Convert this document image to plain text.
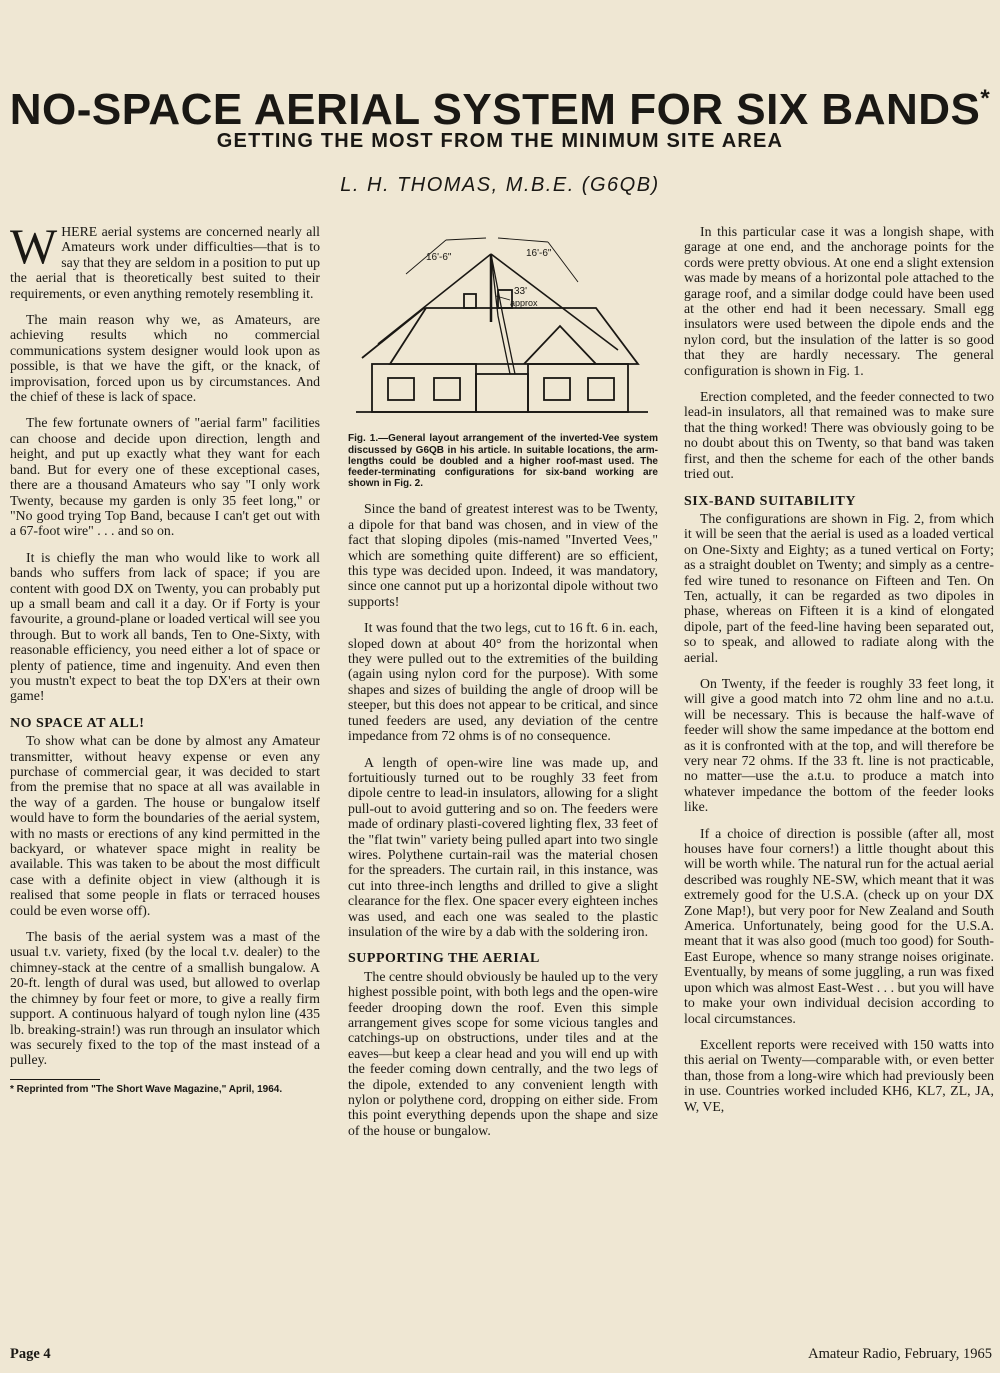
NO-SPACE AERIAL SYSTEM FOR SIX BANDS*
GETTING THE MOST FROM THE MINIMUM SITE AREA
L. H. THOMAS, M.B.E. (G6QB)

WHERE aerial systems are concerned nearly all Amateurs work under difficulties—that is to say that they are seldom in a position to put up the aerial that is theoretically best suited to their requirements, or even anything remotely resembling it.

The main reason why we, as Amateurs, are achieving results which no commercial communications system designer would look upon as possible, is that we have the gift, or the knack, of improvisation, forced upon us by circumstances. And the chief of these is lack of space.

The few fortunate owners of "aerial farm" facilities can choose and decide upon direction, length and height, and put up exactly what they want for each band. But for every one of these exceptional cases, there are a thousand Amateurs who say "I only work Twenty, because my garden is only 35 feet long," or "No good trying Top Band, because I can't get out with a 67-foot wire" . . . and so on.

It is chiefly the man who would like to work all bands who suffers from lack of space; if you are content with good DX on Twenty, you can probably put up a small beam and call it a day. Or if Forty is your favourite, a ground-plane or loaded vertical will see you through. But to work all bands, Ten to One-Sixty, with reasonable efficiency, you need either a lot of space or plenty of patience, time and ingenuity. And even then you mustn't expect to beat the top DX'ers at their own game!

NO SPACE AT ALL!

To show what can be done by almost any Amateur transmitter, without heavy expense or even any purchase of commercial gear, it was decided to start from the premise that no space at all was available in the way of a garden. The house or bungalow itself would have to form the boundaries of the aerial system, with no masts or erections of any kind permitted in the backyard, or whatever space might in reality be available. This was taken to be about the most difficult case with a definite object in view (although it is realised that some people in flats or terraced houses could be even worse off).

The basis of the aerial system was a mast of the usual t.v. variety, fixed (by the local t.v. dealer) to the chimney-stack at the centre of a smallish bungalow. A 20-ft. length of dural was used, but allowed to overlap the chimney by four feet or more, to give a really firm support. A continuous halyard of tough nylon line (435 lb. breaking-strain!) was run through an insulator which was securely fixed to the top of the mast instead of a pulley.

* Reprinted from "The Short Wave Magazine," April, 1964.
16'-6"	16'-6"
33'
approx
Fig. 1.—General layout arrangement of the inverted-Vee system discussed by G6QB in his article. In suitable locations, the arm-lengths could be doubled and a higher roof-mast used. The feeder-terminating configurations for six-band working are shown in Fig. 2.

Since the band of greatest interest was to be Twenty, a dipole for that band was chosen, and in view of the fact that sloping dipoles (mis-named "Inverted Vees," which are something quite different) are so efficient, this type was decided upon. Indeed, it was mandatory, since one cannot put up a horizontal dipole without two supports!

It was found that the two legs, cut to 16 ft. 6 in. each, sloped down at about 40° from the horizontal when they were pulled out to the extremities of the building (again using nylon cord for the purpose). With some shapes and sizes of building the angle of droop will be steeper, but this does not appear to be critical, and since tuned feeders are used, any deviation of the centre impedance from 72 ohms is of no consequence.

A length of open-wire line was made up, and fortuitiously turned out to be roughly 33 feet from dipole centre to lead-in insulators, allowing for a slight pull-out to avoid guttering and so on. The feeders were made of ordinary plasti-covered lighting flex, 33 feet of the "flat twin" variety being pulled apart into two single wires. Polythene curtain-rail was the material chosen for the spreaders. The curtain rail, in this instance, was cut into three-inch lengths and drilled to give a slight clearance for the flex. One spacer every eighteen inches was used, and each one was sealed to the plastic insulation of the wire by a dab with the soldering iron.

SUPPORTING THE AERIAL

The centre should obviously be hauled up to the very highest possible point, with both legs and the open-wire feeder drooping down the roof. Even this simple arrangement gives scope for some vicious tangles and catchings-up on obstructions, under tiles and at the eaves—but keep a clear head and you will end up with the feeder coming down centrally, and the two legs of the dipole, extended to any convenient length with nylon or polythene cord, dropping on either side. From this point everything depends upon the shape and size of the house or bungalow.

In this particular case it was a longish shape, with garage at one end, and the anchorage points for the cords were pretty obvious. At one end a slight extension was made by means of a horizontal pole attached to the garage roof, and a similar dodge could have been used at the other end had it been necessary. Small egg insulators were used between the dipole ends and the nylon cord, but the insulation of the latter is so good that they are hardly necessary. The general configuration is shown in Fig. 1.

Erection completed, and the feeder connected to two lead-in insulators, all that remained was to make sure that the thing worked! There was obviously going to be no doubt about this on Twenty, so that band was taken first, and then the scheme for each of the other bands tried out.

SIX-BAND SUITABILITY

The configurations are shown in Fig. 2, from which it will be seen that the aerial is used as a loaded vertical on One-Sixty and Eighty; as a tuned vertical on Forty; as a straight doublet on Twenty; and simply as a centre-fed wire tuned to resonance on Fifteen and Ten. On Ten, actually, it can be regarded as two dipoles in phase, whereas on Fifteen it is a kind of elongated dipole, part of the feed-line having been separated out, so to speak, and allowed to radiate along with the aerial.

On Twenty, if the feeder is roughly 33 feet long, it will give a good match into 72 ohm line and no a.t.u. will be necessary. This is because the half-wave of feeder will show the same impedance at the bottom end as it is confronted with at the top, and will therefore be very near 72 ohms. If the 33 ft. line is not practicable, no matter—use the a.t.u. to produce a match into whatever impedance the bottom of the feeder looks like.

If a choice of direction is possible (after all, most houses have four corners!) a little thought about this will be worth while. The natural run for the actual aerial described was roughly NE-SW, which meant that it was extremely good for the U.S.A. (check up on your DX Zone Map!), but very poor for New Zealand and South America. Unfortunately, being good for the U.S.A. meant that it was also good (much too good) for South-East Europe, whence so many strange noises originate. Eventually, by means of some juggling, a run was fixed upon which was almost East-West . . . but you will have to make your own individual decision according to local circumstances.

Excellent reports were received with 150 watts into this aerial on Twenty—comparable with, or even better than, those from a long-wire which had previously been in use. Countries worked included KH6, KL7, ZL, JA, W, VE,

Page 4	Amateur Radio, February, 1965
